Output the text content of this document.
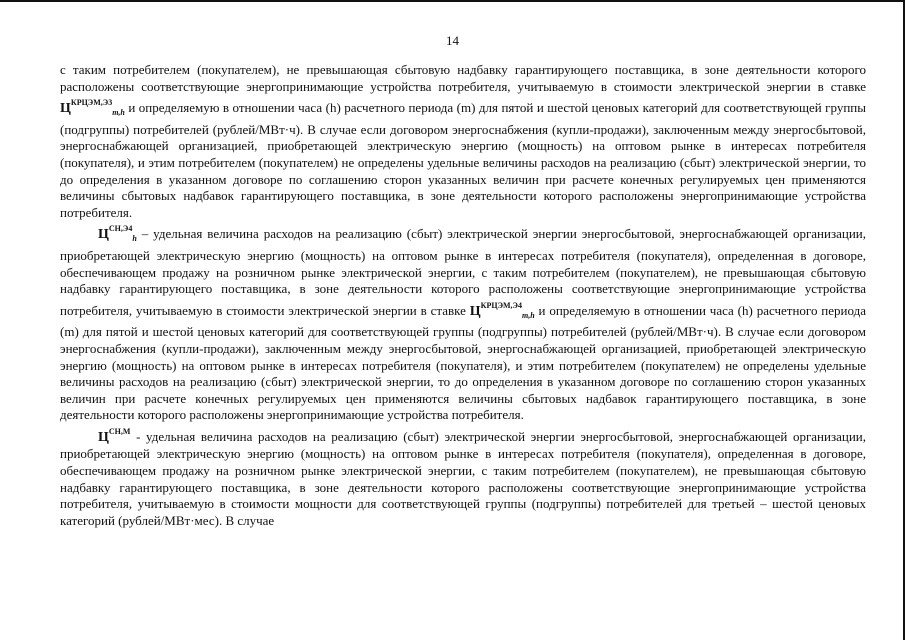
14

с таким потребителем (покупателем), не превышающая сбытовую надбавку гарантирующего поставщика, в зоне деятельности которого расположены соответствующие энергопринимающие устройства потребителя, учитываемую в стоимости электрической энергии в ставке $Ц^{КРЦЭМ,Э3}_{m,h}$ и определяемую в отношении часа (h) расчетного периода (m) для пятой и шестой ценовых категорий для соответствующей группы (подгруппы) потребителей (рублей/МВт·ч). В случае если договором энергоснабжения (купли-продажи), заключенным между энергосбытовой, энергоснабжающей организацией, приобретающей электрическую энергию (мощность) на оптовом рынке в интересах потребителя (покупателя), и этим потребителем (покупателем) не определены удельные величины расходов на реализацию (сбыт) электрической энергии, то до определения в указанном договоре по соглашению сторон указанных величин при расчете конечных регулируемых цен применяются величины сбытовых надбавок гарантирующего поставщика, в зоне деятельности которого расположены энергопринимающие устройства потребителя.

$Ц^{СН,Э4}_h$ – удельная величина расходов на реализацию (сбыт) электрической энергии энергосбытовой, энергоснабжающей организации, приобретающей электрическую энергию (мощность) на оптовом рынке в интересах потребителя (покупателя), определенная в договоре, обеспечивающем продажу на розничном рынке электрической энергии, с таким потребителем (покупателем), не превышающая сбытовую надбавку гарантирующего поставщика, в зоне деятельности которого расположены соответствующие энергопринимающие устройства потребителя, учитываемую в стоимости электрической энергии в ставке $Ц^{КРЦЭМ,Э4}_{m,h}$ и определяемую в отношении часа (h) расчетного периода (m) для пятой и шестой ценовых категорий для соответствующей группы (подгруппы) потребителей (рублей/МВт·ч). В случае если договором энергоснабжения (купли-продажи), заключенным между энергосбытовой, энергоснабжающей организацией, приобретающей электрическую энергию (мощность) на оптовом рынке в интересах потребителя (покупателя), и этим потребителем (покупателем) не определены удельные величины расходов на реализацию (сбыт) электрической энергии, то до определения в указанном договоре по соглашению сторон указанных величин при расчете конечных регулируемых цен применяются величины сбытовых надбавок гарантирующего поставщика, в зоне деятельности которого расположены энергопринимающие устройства потребителя.

$Ц^{СН,М}$ - удельная величина расходов на реализацию (сбыт) электрической энергии энергосбытовой, энергоснабжающей организации, приобретающей электрическую энергию (мощность) на оптовом рынке в интересах потребителя (покупателя), определенная в договоре, обеспечивающем продажу на розничном рынке электрической энергии, с таким потребителем (покупателем), не превышающая сбытовую надбавку гарантирующего поставщика, в зоне деятельности которого расположены соответствующие энергопринимающие устройства потребителя, учитываемую в стоимости мощности для соответствующей группы (подгруппы) потребителей для третьей – шестой ценовых категорий (рублей/МВт·мес). В случае
